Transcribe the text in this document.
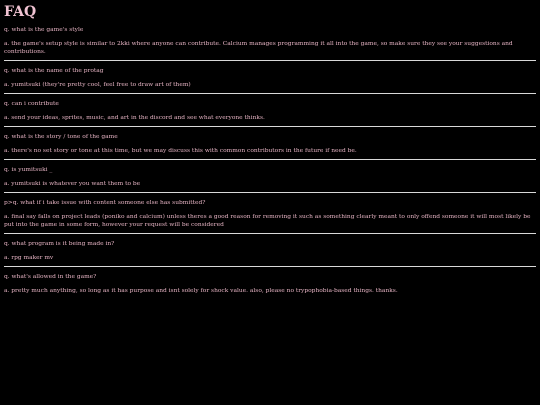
FAQ

q. what is the game's style

a. the game's setup style is similar to 2kki where anyone can contribute. Calcium manages programming it all into the game, so make sure they see your suggestions and contributions.

q. what is the name of the protag

a. yumitsuki (they're pretty cool, feel free to draw art of them)

q. can i contribute

a. send your ideas, sprites, music, and art in the discord and see what everyone thinks.

q. what is the story / tone of the game

a. there's no set story or tone at this time, but we may discuss this with common contributors in the future if need be.

q. is yumitsuki _

a. yumitsuki is whatever you want them to be

p>q. what if i take issue with content someone else has submitted?

a. final say falls on project leads (poniko and calcium) unless theres a good reason for removing it such as something clearly meant to only offend someone it will most likely be put into the game in some form, however your request will be considered

q. what program is it being made in?

a. rpg maker mv

q. what's allowed in the game?

a. pretty much anything, so long as it has purpose and isnt solely for shock value. also, please no trypophobia-based things. thanks.
